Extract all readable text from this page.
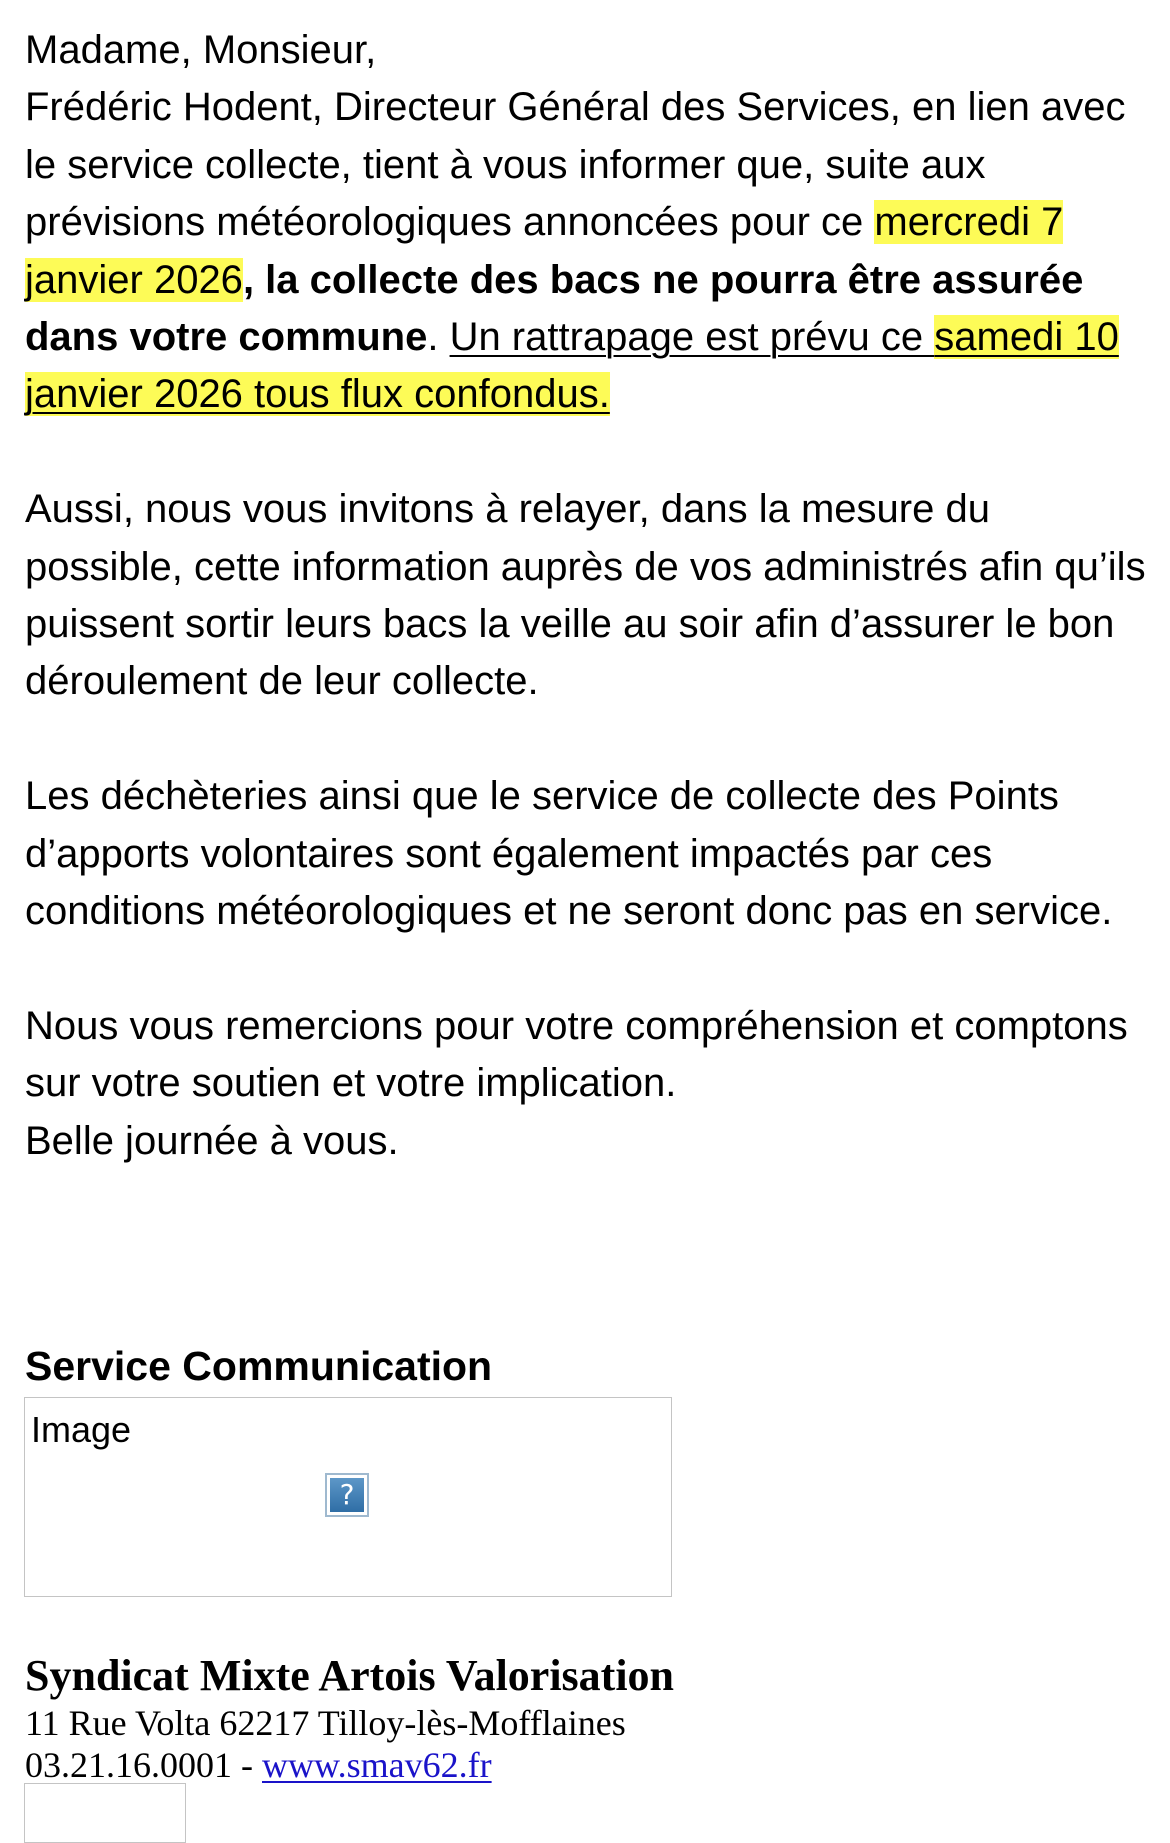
Madame, Monsieur,

Frédéric Hodent, Directeur Général des Services, en lien avec le service collecte, tient à vous informer que, suite aux prévisions météorologiques annoncées pour ce mercredi 7 janvier 2026, la collecte des bacs ne pourra être assurée dans votre commune. Un rattrapage est prévu ce samedi 10 janvier 2026 tous flux confondus.

Aussi, nous vous invitons à relayer, dans la mesure du possible, cette information auprès de vos administrés afin qu’ils puissent sortir leurs bacs la veille au soir afin d’assurer le bon déroulement de leur collecte.

Les déchèteries ainsi que le service de collecte des Points d’apports volontaires sont également impactés par ces conditions météorologiques et ne seront donc pas en service.

Nous vous remercions pour votre compréhension et comptons sur votre soutien et votre implication.

Belle journée à vous.

Service Communication
Image
?
Syndicat Mixte Artois Valorisation
11 Rue Volta 62217 Tilloy-lès-Mofflaines
03.21.16.0001 - www.smav62.fr
